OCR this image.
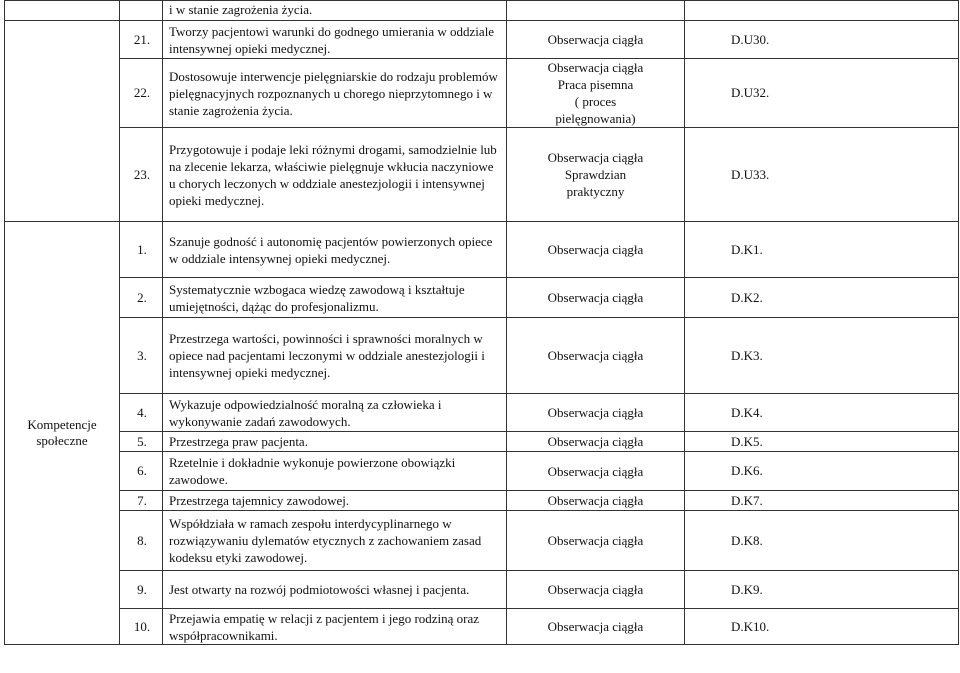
		i w stanie zagrożenia życia.		
	21.	Tworzy pacjentowi warunki do godnego umierania w oddziale intensywnej opieki medycznej.	Obserwacja ciągła	D.U30.
	22.	Dostosowuje interwencje pielęgniarskie do rodzaju problemów pielęgnacyjnych rozpoznanych u chorego nieprzytomnego i w stanie zagrożenia życia.	Obserwacja ciągła
Praca pisemna
( proces
pielęgnowania)	D.U32.
	23.	Przygotowuje i podaje leki różnymi drogami, samodzielnie lub na zlecenie lekarza, właściwie pielęgnuje wkłucia naczyniowe u chorych leczonych w oddziale anestezjologii i intensywnej opieki medycznej.	Obserwacja ciągła
Sprawdzian
praktyczny	D.U33.
Kompetencje społeczne	1.	Szanuje godność i autonomię pacjentów powierzonych opiece w oddziale intensywnej opieki medycznej.	Obserwacja ciągła	D.K1.
	2.	Systematycznie wzbogaca wiedzę zawodową i kształtuje umiejętności, dążąc do profesjonalizmu.	Obserwacja ciągła	D.K2.
	3.	Przestrzega wartości, powinności i sprawności moralnych w opiece nad pacjentami leczonymi w oddziale anestezjologii i intensywnej opieki medycznej.	Obserwacja ciągła	D.K3.
	4.	Wykazuje odpowiedzialność moralną za człowieka i wykonywanie zadań zawodowych.	Obserwacja ciągła	D.K4.
	5.	Przestrzega praw pacjenta.	Obserwacja ciągła	D.K5.
	6.	Rzetelnie i dokładnie wykonuje powierzone obowiązki zawodowe.	Obserwacja ciągła	D.K6.
	7.	Przestrzega tajemnicy zawodowej.	Obserwacja ciągła	D.K7.
	8.	Współdziała w ramach zespołu interdycyplinarnego w rozwiązywaniu dylematów etycznych z zachowaniem zasad kodeksu etyki zawodowej.	Obserwacja ciągła	D.K8.
	9.	Jest otwarty na rozwój podmiotowości własnej i pacjenta.	Obserwacja ciągła	D.K9.
	10.	Przejawia empatię w relacji z pacjentem i jego rodziną oraz współpracownikami.	Obserwacja ciągła	D.K10.
